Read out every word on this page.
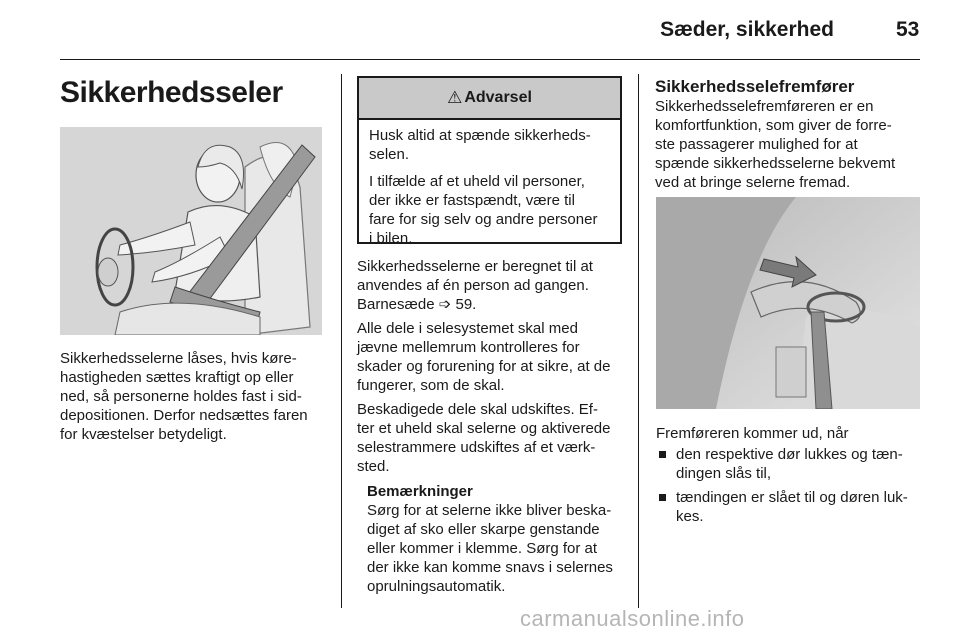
Sæder, sikkerhed	53
Sikkerhedsseler

Sikkerhedsselerne låses, hvis køre-

hastigheden sættes kraftigt op eller

ned, så personerne holdes fast i sid-

depositionen. Derfor nedsættes faren

for kvæstelser betydeligt.

⚠ Advarsel

Husk altid at spænde sikkerheds-
selen.

I tilfælde af et uheld vil personer,
der ikke er fastspændt, være til
fare for sig selv og andre personer
i bilen.

Sikkerhedsselerne er beregnet til at
anvendes af én person ad gangen.
Barnesæde ➩ 59.

Alle dele i selesystemet skal med
jævne mellemrum kontrolleres for
skader og forurening for at sikre, at de
fungerer, som de skal.

Beskadigede dele skal udskiftes. Ef-
ter et uheld skal selerne og aktiverede
selestrammere udskiftes af et værk-
sted.

Bemærkninger

Sørg for at selerne ikke bliver beska-
diget af sko eller skarpe genstande
eller kommer i klemme. Sørg for at
der ikke kan komme snavs i selernes
oprulningsautomatik.

Sikkerhedsselefremfører

Sikkerhedsselefremføreren er en
komfortfunktion, som giver de forre-
ste passagerer mulighed for at
spænde sikkerhedsselerne bekvemt
ved at bringe selerne fremad.

Fremføreren kommer ud, når

den respektive dør lukkes og tæn-
dingen slås til,
tændingen er slået til og døren luk-
kes.
carmanualsonline.info
